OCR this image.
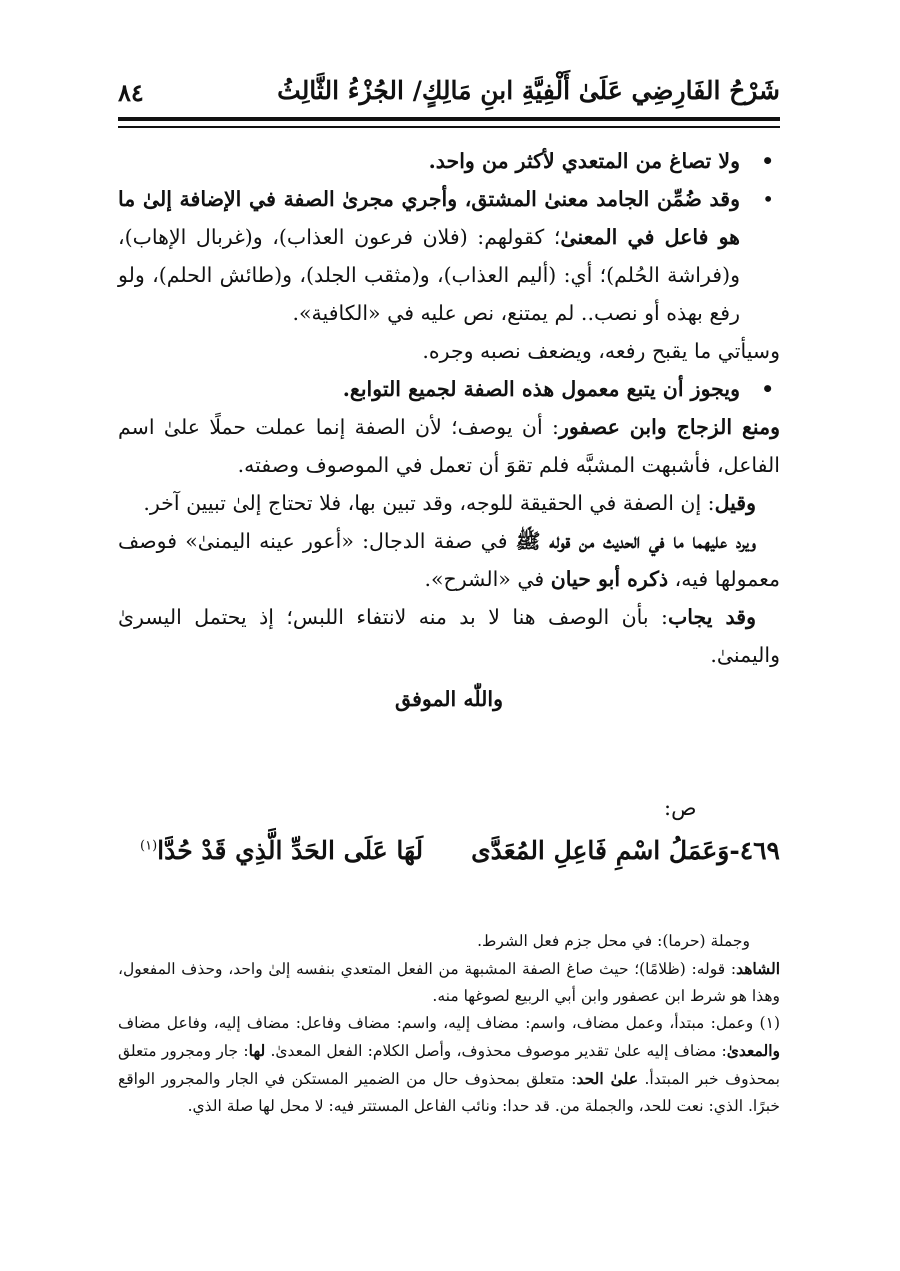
شَرْحُ الفَارِضِي عَلَىٰ أَلْفِيَّةِ ابنِ مَالِكٍ/ الجُزْءُ الثَّالِثُ
٨٤
• ولا تصاغ من المتعدي لأكثر من واحد.
• وقد ضُمِّن الجامد معنىٰ المشتق، وأجري مجرىٰ الصفة في الإضافة إلىٰ ما هو فاعل في المعنىٰ؛ كقولهم: (فلان فرعون العذاب)، و(غربال الإهاب)، و(فراشة الحُلم)؛ أي: (أليم العذاب)، و(مثقب الجلد)، و(طائش الحلم)، ولو رفع بهذه أو نصب.. لم يمتنع، نص عليه في «الكافية».

وسيأتي ما يقبح رفعه، ويضعف نصبه وجره.

• ويجوز أن يتبع معمول هذه الصفة لجميع التوابع.

ومنع الزجاج وابن عصفور: أن يوصف؛ لأن الصفة إنما عملت حملًا علىٰ اسم الفاعل، فأشبهت المشبَّه فلم تقوَ أن تعمل في الموصوف وصفته.

وقيل: إن الصفة في الحقيقة للوجه، وقد تبين بها، فلا تحتاج إلىٰ تبيين آخر.

ويرد عليهما ما في الحديث من قوله ﷺ في صفة الدجال: «أعور عينه اليمنىٰ» فوصف معمولها فيه، ذكره أبو حيان في «الشرح».

وقد يجاب: بأن الوصف هنا لا بد منه لانتفاء اللبس؛ إذ يحتمل اليسرىٰ واليمنىٰ.

واللّٰه الموفق

ص:
٤٦٩-وَعَمَلُ اسْمِ فَاعِلِ المُعَدَّى
لَهَا عَلَى الحَدِّ الَّذِي قَدْ حُدَّا$^{(١)}$

وجملة (حرما): في محل جزم فعل الشرط.

الشاهد: قوله: (ظلامًا)؛ حيث صاغ الصفة المشبهة من الفعل المتعدي بنفسه إلىٰ واحد، وحذف المفعول، وهذا هو شرط ابن عصفور وابن أبي الربيع لصوغها منه.

(١) وعمل: مبتدأ، وعمل مضاف، واسم: مضاف إليه، واسم: مضاف وفاعل: مضاف إليه، وفاعل مضاف والمعدىٰ: مضاف إليه علىٰ تقدير موصوف محذوف، وأصل الكلام: الفعل المعدىٰ. لها: جار ومجرور متعلق بمحذوف خبر المبتدأ. علىٰ الحد: متعلق بمحذوف حال من الضمير المستكن في الجار والمجرور الواقع خبرًا. الذي: نعت للحد، والجملة من. قد حدا: ونائب الفاعل المستتر فيه: لا محل لها صلة الذي.
